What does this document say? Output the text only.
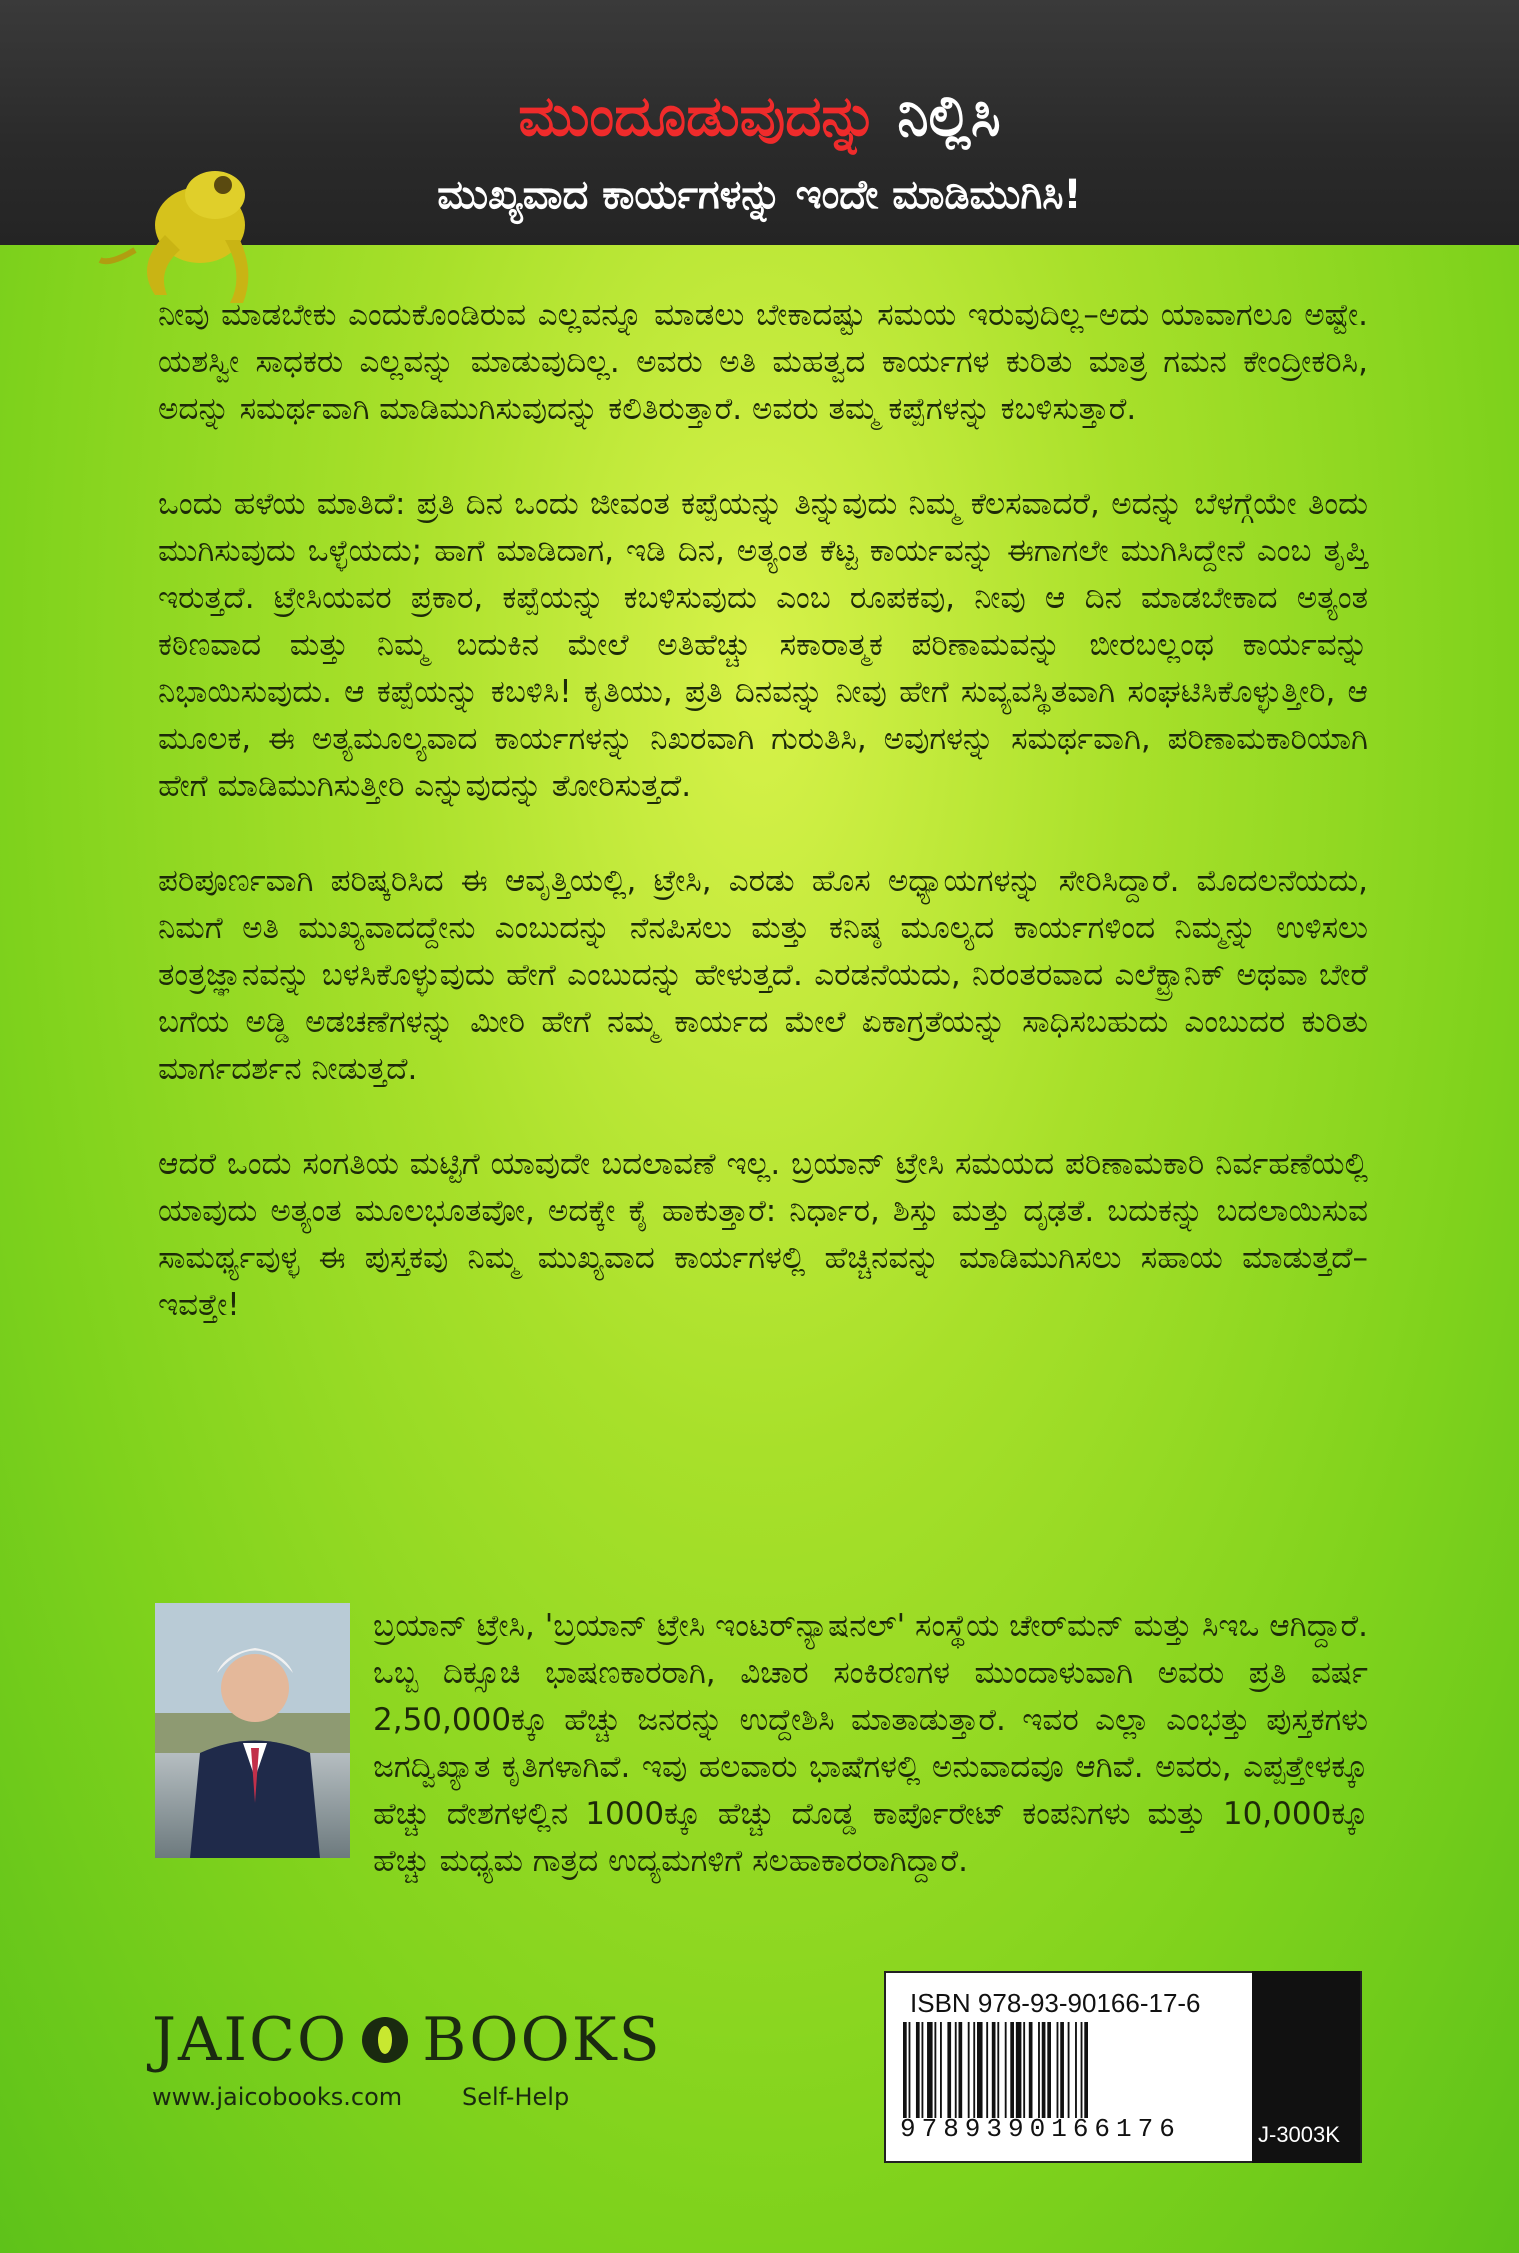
ಮುಂದೂಡುವುದನ್ನು ನಿಲ್ಲಿಸಿ
ಮುಖ್ಯವಾದ ಕಾರ್ಯಗಳನ್ನು ಇಂದೇ ಮಾಡಿಮುಗಿಸಿ!

ನೀವು ಮಾಡಬೇಕು ಎಂದುಕೊಂಡಿರುವ ಎಲ್ಲವನ್ನೂ ಮಾಡಲು ಬೇಕಾದಷ್ಟು ಸಮಯ ಇರುವುದಿಲ್ಲ–ಅದು ಯಾವಾಗಲೂ ಅಷ್ಟೇ. ಯಶಸ್ವೀ ಸಾಧಕರು ಎಲ್ಲವನ್ನು ಮಾಡುವುದಿಲ್ಲ. ಅವರು ಅತಿ ಮಹತ್ವದ ಕಾರ್ಯಗಳ ಕುರಿತು ಮಾತ್ರ ಗಮನ ಕೇಂದ್ರೀಕರಿಸಿ, ಅದನ್ನು ಸಮರ್ಥವಾಗಿ ಮಾಡಿಮುಗಿಸುವುದನ್ನು ಕಲಿತಿರುತ್ತಾರೆ. ಅವರು ತಮ್ಮ ಕಪ್ಪೆಗಳನ್ನು ಕಬಳಿಸುತ್ತಾರೆ.

ಒಂದು ಹಳೆಯ ಮಾತಿದೆ: ಪ್ರತಿ ದಿನ ಒಂದು ಜೀವಂತ ಕಪ್ಪೆಯನ್ನು ತಿನ್ನುವುದು ನಿಮ್ಮ ಕೆಲಸವಾದರೆ, ಅದನ್ನು ಬೆಳಗ್ಗೆಯೇ ತಿಂದು ಮುಗಿಸುವುದು ಒಳ್ಳೆಯದು; ಹಾಗೆ ಮಾಡಿದಾಗ, ಇಡಿ ದಿನ, ಅತ್ಯಂತ ಕೆಟ್ಟ ಕಾರ್ಯವನ್ನು ಈಗಾಗಲೇ ಮುಗಿಸಿದ್ದೇನೆ ಎಂಬ ತೃಪ್ತಿ ಇರುತ್ತದೆ. ಟ್ರೇಸಿಯವರ ಪ್ರಕಾರ, ಕಪ್ಪೆಯನ್ನು ಕಬಳಿಸುವುದು ಎಂಬ ರೂಪಕವು, ನೀವು ಆ ದಿನ ಮಾಡಬೇಕಾದ ಅತ್ಯಂತ ಕಠಿಣವಾದ ಮತ್ತು ನಿಮ್ಮ ಬದುಕಿನ ಮೇಲೆ ಅತಿಹೆಚ್ಚು ಸಕಾರಾತ್ಮಕ ಪರಿಣಾಮವನ್ನು ಬೀರಬಲ್ಲಂಥ ಕಾರ್ಯವನ್ನು ನಿಭಾಯಿಸುವುದು. ಆ ಕಪ್ಪೆಯನ್ನು ಕಬಳಿಸಿ! ಕೃತಿಯು, ಪ್ರತಿ ದಿನವನ್ನು ನೀವು ಹೇಗೆ ಸುವ್ಯವಸ್ಥಿತವಾಗಿ ಸಂಘಟಿಸಿಕೊಳ್ಳುತ್ತೀರಿ, ಆ ಮೂಲಕ, ಈ ಅತ್ಯಮೂಲ್ಯವಾದ ಕಾರ್ಯಗಳನ್ನು ನಿಖರವಾಗಿ ಗುರುತಿಸಿ, ಅವುಗಳನ್ನು ಸಮರ್ಥವಾಗಿ, ಪರಿಣಾಮಕಾರಿಯಾಗಿ ಹೇಗೆ ಮಾಡಿಮುಗಿಸುತ್ತೀರಿ ಎನ್ನುವುದನ್ನು ತೋರಿಸುತ್ತದೆ.

ಪರಿಪೂರ್ಣವಾಗಿ ಪರಿಷ್ಕರಿಸಿದ ಈ ಆವೃತ್ತಿಯಲ್ಲಿ, ಟ್ರೇಸಿ, ಎರಡು ಹೊಸ ಅಧ್ಯಾಯಗಳನ್ನು ಸೇರಿಸಿದ್ದಾರೆ. ಮೊದಲನೆಯದು, ನಿಮಗೆ ಅತಿ ಮುಖ್ಯವಾದದ್ದೇನು ಎಂಬುದನ್ನು ನೆನಪಿಸಲು ಮತ್ತು ಕನಿಷ್ಠ ಮೂಲ್ಯದ ಕಾರ್ಯಗಳಿಂದ ನಿಮ್ಮನ್ನು ಉಳಿಸಲು ತಂತ್ರಜ್ಞಾನವನ್ನು ಬಳಸಿಕೊಳ್ಳುವುದು ಹೇಗೆ ಎಂಬುದನ್ನು ಹೇಳುತ್ತದೆ. ಎರಡನೆಯದು, ನಿರಂತರವಾದ ಎಲೆಕ್ಟ್ರಾನಿಕ್ ಅಥವಾ ಬೇರೆ ಬಗೆಯ ಅಡ್ಡಿ ಅಡಚಣೆಗಳನ್ನು ಮೀರಿ ಹೇಗೆ ನಮ್ಮ ಕಾರ್ಯದ ಮೇಲೆ ಏಕಾಗ್ರತೆಯನ್ನು ಸಾಧಿಸಬಹುದು ಎಂಬುದರ ಕುರಿತು ಮಾರ್ಗದರ್ಶನ ನೀಡುತ್ತದೆ.

ಆದರೆ ಒಂದು ಸಂಗತಿಯ ಮಟ್ಟಿಗೆ ಯಾವುದೇ ಬದಲಾವಣೆ ಇಲ್ಲ. ಬ್ರಯಾನ್ ಟ್ರೇಸಿ ಸಮಯದ ಪರಿಣಾಮಕಾರಿ ನಿರ್ವಹಣೆಯಲ್ಲಿ ಯಾವುದು ಅತ್ಯಂತ ಮೂಲಭೂತವೋ, ಅದಕ್ಕೇ ಕೈ ಹಾಕುತ್ತಾರೆ: ನಿರ್ಧಾರ, ಶಿಸ್ತು ಮತ್ತು ದೃಢತೆ. ಬದುಕನ್ನು ಬದಲಾಯಿಸುವ ಸಾಮರ್ಥ್ಯವುಳ್ಳ ಈ ಪುಸ್ತಕವು ನಿಮ್ಮ ಮುಖ್ಯವಾದ ಕಾರ್ಯಗಳಲ್ಲಿ ಹೆಚ್ಚಿನವನ್ನು ಮಾಡಿಮುಗಿಸಲು ಸಹಾಯ ಮಾಡುತ್ತದೆ– ಇವತ್ತೇ!

ಬ್ರಯಾನ್ ಟ್ರೇಸಿ, 'ಬ್ರಯಾನ್ ಟ್ರೇಸಿ ಇಂಟರ್‌ನ್ಯಾಷನಲ್' ಸಂಸ್ಥೆಯ ಚೇರ್‌ಮನ್ ಮತ್ತು ಸಿಇಒ ಆಗಿದ್ದಾರೆ. ಒಬ್ಬ ದಿಕ್ಸೂಚಿ ಭಾಷಣಕಾರರಾಗಿ, ವಿಚಾರ ಸಂಕಿರಣಗಳ ಮುಂದಾಳುವಾಗಿ ಅವರು ಪ್ರತಿ ವರ್ಷ 2,50,000ಕ್ಕೂ ಹೆಚ್ಚು ಜನರನ್ನು ಉದ್ದೇಶಿಸಿ ಮಾತಾಡುತ್ತಾರೆ. ಇವರ ಎಲ್ಲಾ ಎಂಭತ್ತು ಪುಸ್ತಕಗಳು ಜಗದ್ವಿಖ್ಯಾತ ಕೃತಿಗಳಾಗಿವೆ. ಇವು ಹಲವಾರು ಭಾಷೆಗಳಲ್ಲಿ ಅನುವಾದವೂ ಆಗಿವೆ. ಅವರು, ಎಪ್ಪತ್ತೇಳಕ್ಕೂ ಹೆಚ್ಚು ದೇಶಗಳಲ್ಲಿನ 1000ಕ್ಕೂ ಹೆಚ್ಚು ದೊಡ್ಡ ಕಾರ್ಪೊರೇಟ್ ಕಂಪನಿಗಳು ಮತ್ತು 10,000ಕ್ಕೂ ಹೆಚ್ಚು ಮಧ್ಯಮ ಗಾತ್ರದ ಉದ್ಯಮಗಳಿಗೆ ಸಲಹಾಕಾರರಾಗಿದ್ದಾರೆ.
JAICO BOOKS
www.jaicobooks.com Self-Help
ISBN 978-93-90166-17-6
9789390166176	J-3003K
